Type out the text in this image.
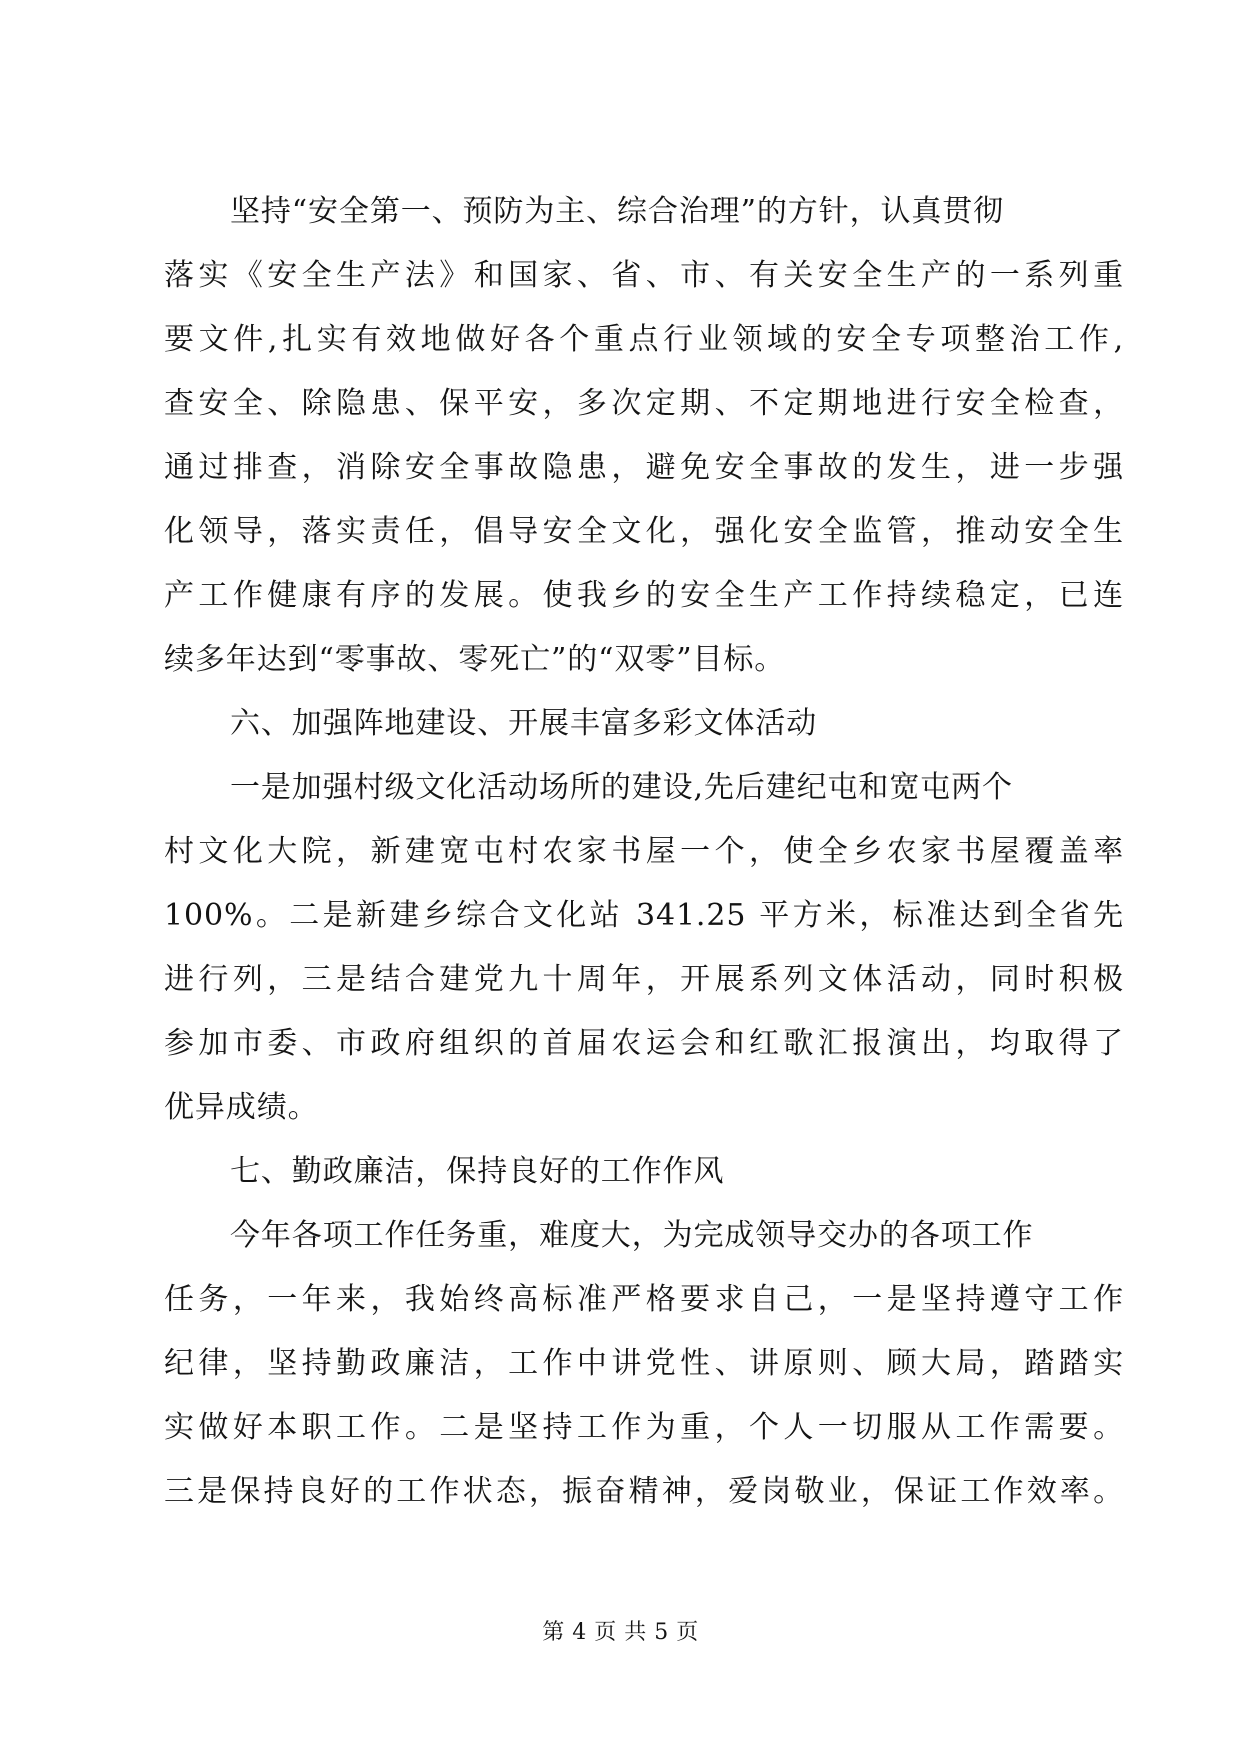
坚持“安全第一、预防为主、综合治理”的方针，认真贯彻
落实《安全生产法》和国家、省、市、有关安全生产的一系列重
要文件,扎实有效地做好各个重点行业领域的安全专项整治工作,
查安全、除隐患、保平安，多次定期、不定期地进行安全检查，
通过排查，消除安全事故隐患，避免安全事故的发生，进一步强
化领导，落实责任，倡导安全文化，强化安全监管，推动安全生
产工作健康有序的发展。使我乡的安全生产工作持续稳定，已连
续多年达到“零事故、零死亡”的“双零”目标。
六、加强阵地建设、开展丰富多彩文体活动
一是加强村级文化活动场所的建设,先后建纪屯和宽屯两个
村文化大院，新建宽屯村农家书屋一个，使全乡农家书屋覆盖率
100%。二是新建乡综合文化站 341.25 平方米，标准达到全省先
进行列，三是结合建党九十周年，开展系列文体活动，同时积极
参加市委、市政府组织的首届农运会和红歌汇报演出，均取得了
优异成绩。
七、勤政廉洁，保持良好的工作作风
今年各项工作任务重，难度大，为完成领导交办的各项工作
任务，一年来，我始终高标准严格要求自己，一是坚持遵守工作
纪律，坚持勤政廉洁，工作中讲党性、讲原则、顾大局，踏踏实
实做好本职工作。二是坚持工作为重，个人一切服从工作需要。
三是保持良好的工作状态，振奋精神，爱岗敬业，保证工作效率。
第 4 页 共 5 页
